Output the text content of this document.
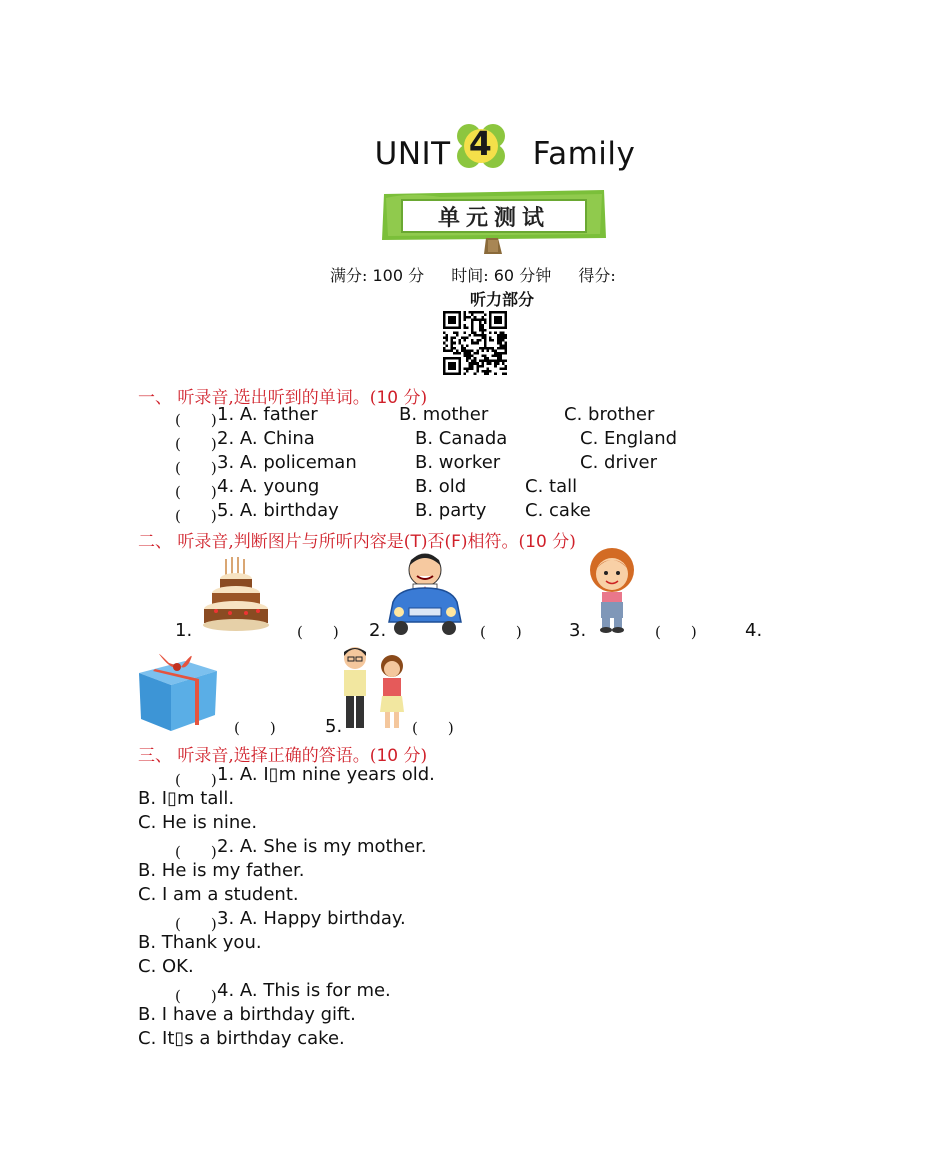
UNIT 4	Family
单元测试
满分: 100 分 时间: 60 分钟 得分:
听力部分
一、 听录音,选出听到的单词。(10 分)
(　　) 1. A. father	B. mother	C. brother
(　　) 2. A. China	B. Canada	C. England
(　　) 3. A. policeman	B. worker	C. driver
(　　) 4. A. young	B. old	C. tall
(　　) 5. A. birthday	B. party C. cake
二、 听录音,判断图片与所听内容是(T)否(F)相符。(10 分)
1.	(　　) 2.	(　　)	3.	(　　)	4.
(　　)	5.	(　　)
三、 听录音,选择正确的答语。(10 分)
(　　) 1. A. I▯m nine years old.
B. I▯m tall.
C. He is nine.
(　　) 2. A. She is my mother.
B. He is my father.
C. I am a student.
(　　) 3. A. Happy birthday.
B. Thank you.
C. OK.
(　　) 4. A. This is for me.
B. I have a birthday gift.
C. It▯s a birthday cake.
